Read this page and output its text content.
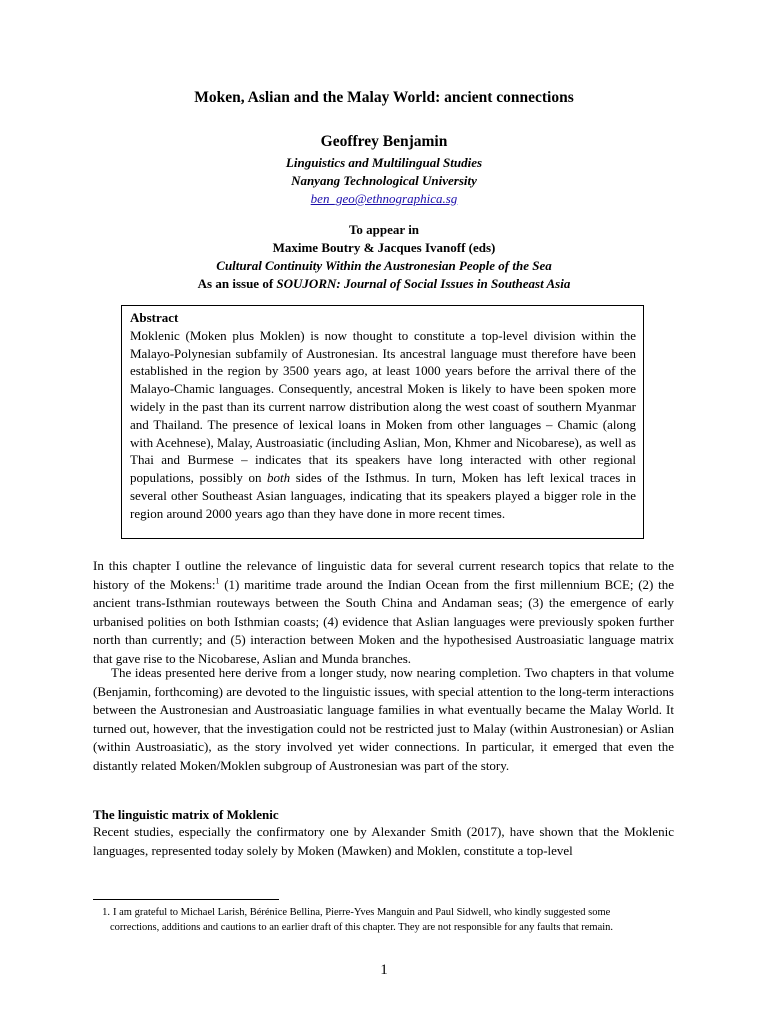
Moken, Aslian and the Malay World: ancient connections
Geoffrey Benjamin
Linguistics and Multilingual Studies
Nanyang Technological University
ben_geo@ethnographica.sg
To appear in
Maxime Boutry & Jacques Ivanoff (eds)
Cultural Continuity Within the Austronesian People of the Sea
As an issue of SOUJORN: Journal of Social Issues in Southeast Asia
Abstract
Moklenic (Moken plus Moklen) is now thought to constitute a top-level division within the Malayo-Polynesian subfamily of Austronesian. Its ancestral language must therefore have been established in the region by 3500 years ago, at least 1000 years before the arrival there of the Malayo-Chamic languages. Consequently, ancestral Moken is likely to have been spoken more widely in the past than its current narrow distribution along the west coast of southern Myanmar and Thailand. The presence of lexical loans in Moken from other languages – Chamic (along with Acehnese), Malay, Austroasiatic (including Aslian, Mon, Khmer and Nicobarese), as well as Thai and Burmese – indicates that its speakers have long interacted with other regional populations, possibly on both sides of the Isthmus. In turn, Moken has left lexical traces in several other Southeast Asian languages, indicating that its speakers played a bigger role in the region around 2000 years ago than they have done in more recent times.
In this chapter I outline the relevance of linguistic data for several current research topics that relate to the history of the Mokens:$^1$ (1) maritime trade around the Indian Ocean from the first millennium BCE; (2) the ancient trans-Isthmian routeways between the South China and Andaman seas; (3) the emergence of early urbanised polities on both Isthmian coasts; (4) evidence that Aslian languages were previously spoken further north than currently; and (5) interaction between Moken and the hypothesised Austroasiatic language matrix that gave rise to the Nicobarese, Aslian and Munda branches.
The ideas presented here derive from a longer study, now nearing completion. Two chapters in that volume (Benjamin, forthcoming) are devoted to the linguistic issues, with special attention to the long-term interactions between the Austronesian and Austroasiatic language families in what eventually became the Malay World. It turned out, however, that the investigation could not be restricted just to Malay (within Austronesian) or Aslian (within Austroasiatic), as the story involved yet wider connections. In particular, it emerged that even the distantly related Moken/Moklen subgroup of Austronesian was part of the story.
The linguistic matrix of Moklenic
Recent studies, especially the confirmatory one by Alexander Smith (2017), have shown that the Moklenic languages, represented today solely by Moken (Mawken) and Moklen, constitute a top-level
1. I am grateful to Michael Larish, Bérénice Bellina, Pierre-Yves Manguin and Paul Sidwell, who kindly suggested some
corrections, additions and cautions to an earlier draft of this chapter. They are not responsible for any faults that remain.
1
